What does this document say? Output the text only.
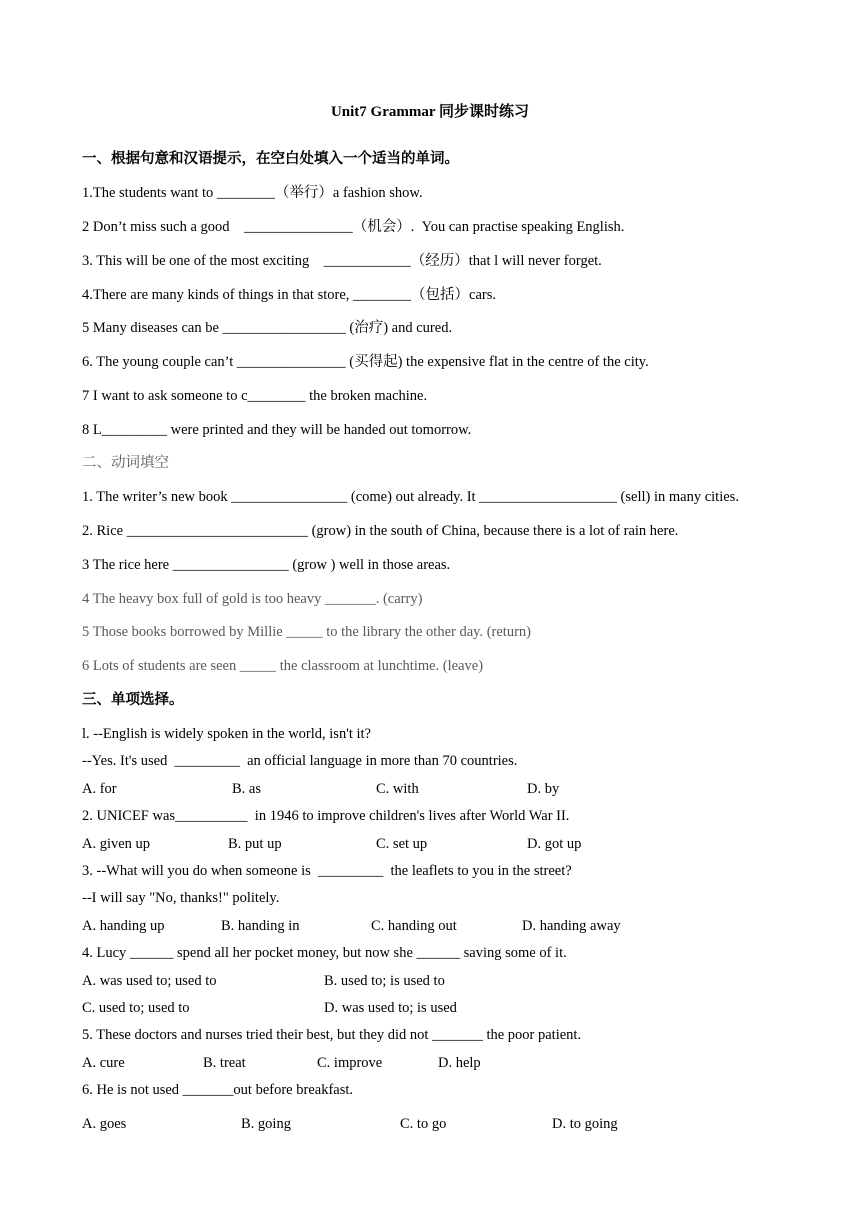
Unit7 Grammar 同步课时练习
一、根据句意和汉语提示，在空白处填入一个适当的单词。
1.The students want to ________（举行）a fashion show.
2 Don’t miss such a good    _______________（机会）.  You can practise speaking English.
3. This will be one of the most exciting    ____________（经历）that l will never forget.
4.There are many kinds of things in that store, ________（包括）cars.
5 Many diseases can be _________________ (治疗) and cured.
6. The young couple can’t _______________ (买得起) the expensive flat in the centre of the city.
7 I want to ask someone to c________ the broken machine.
8 L_________ were printed and they will be handed out tomorrow.
二、动词填空
1. The writer’s new book ________________ (come) out already. It ___________________ (sell) in many cities.
2. Rice _________________________ (grow) in the south of China, because there is a lot of rain here.
3 The rice here ________________ (grow ) well in those areas.
4 The heavy box full of gold is too heavy _______. (carry)
5 Those books borrowed by Millie _____ to the library the other day. (return)
6 Lots of students are seen _____ the classroom at lunchtime. (leave)
三、单项选择。
l. --English is widely spoken in the world, isn't it?
--Yes. It's used  _________  an official language in more than 70 countries.
A. for	B. as	C. with	D. by
2. UNICEF was__________  in 1946 to improve children's lives after World War II.
A. given up	B. put up	C. set up	D. got up
3. --What will you do when someone is  _________  the leaflets to you in the street?
--I will say "No, thanks!" politely.
A. handing up	B. handing in	C. handing out	D. handing away
4. Lucy ______ spend all her pocket money, but now she ______ saving some of it.
A. was used to; used to	B. used to; is used to
C. used to; used to	D. was used to; is used
5. These doctors and nurses tried their best, but they did not _______ the poor patient.
A. cure	B. treat	C. improve	D. help
6. He is not used _______out before breakfast.
A. goes	B. going	C. to go	D. to going
